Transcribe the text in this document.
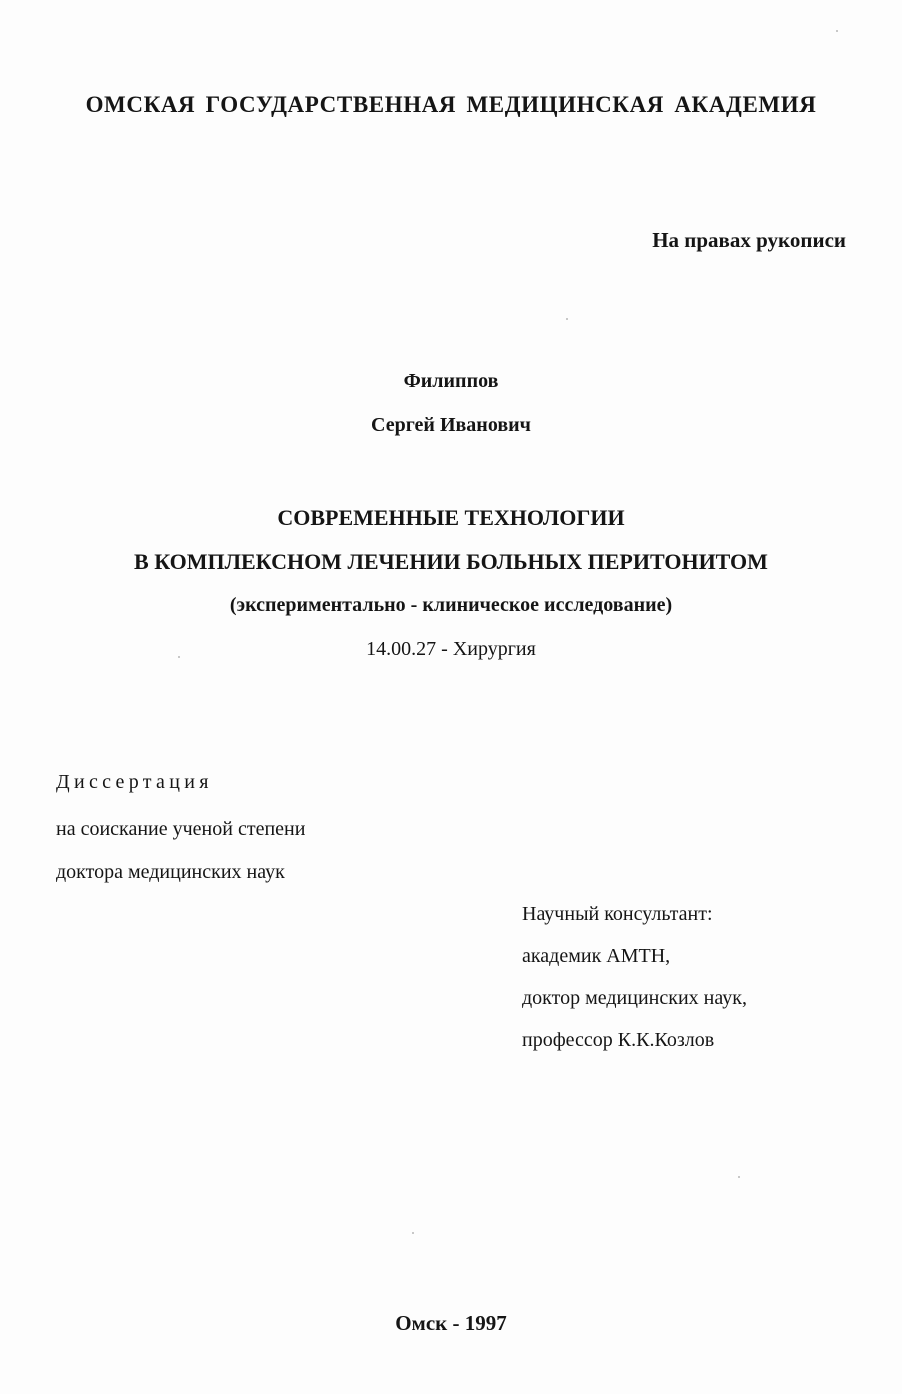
ОМСКАЯ ГОСУДАРСТВЕННАЯ МЕДИЦИНСКАЯ АКАДЕМИЯ
На правах рукописи
Филиппов
Сергей Иванович
СОВРЕМЕННЫЕ ТЕХНОЛОГИИ
В КОМПЛЕКСНОМ ЛЕЧЕНИИ БОЛЬНЫХ ПЕРИТОНИТОМ
(экспериментально - клиническое исследование)
14.00.27 - Хирургия
Диссертация
на соискание ученой степени
доктора медицинских наук
Научный консультант:
академик АМТН,
доктор медицинских наук,
профессор К.К.Козлов
Омск - 1997
